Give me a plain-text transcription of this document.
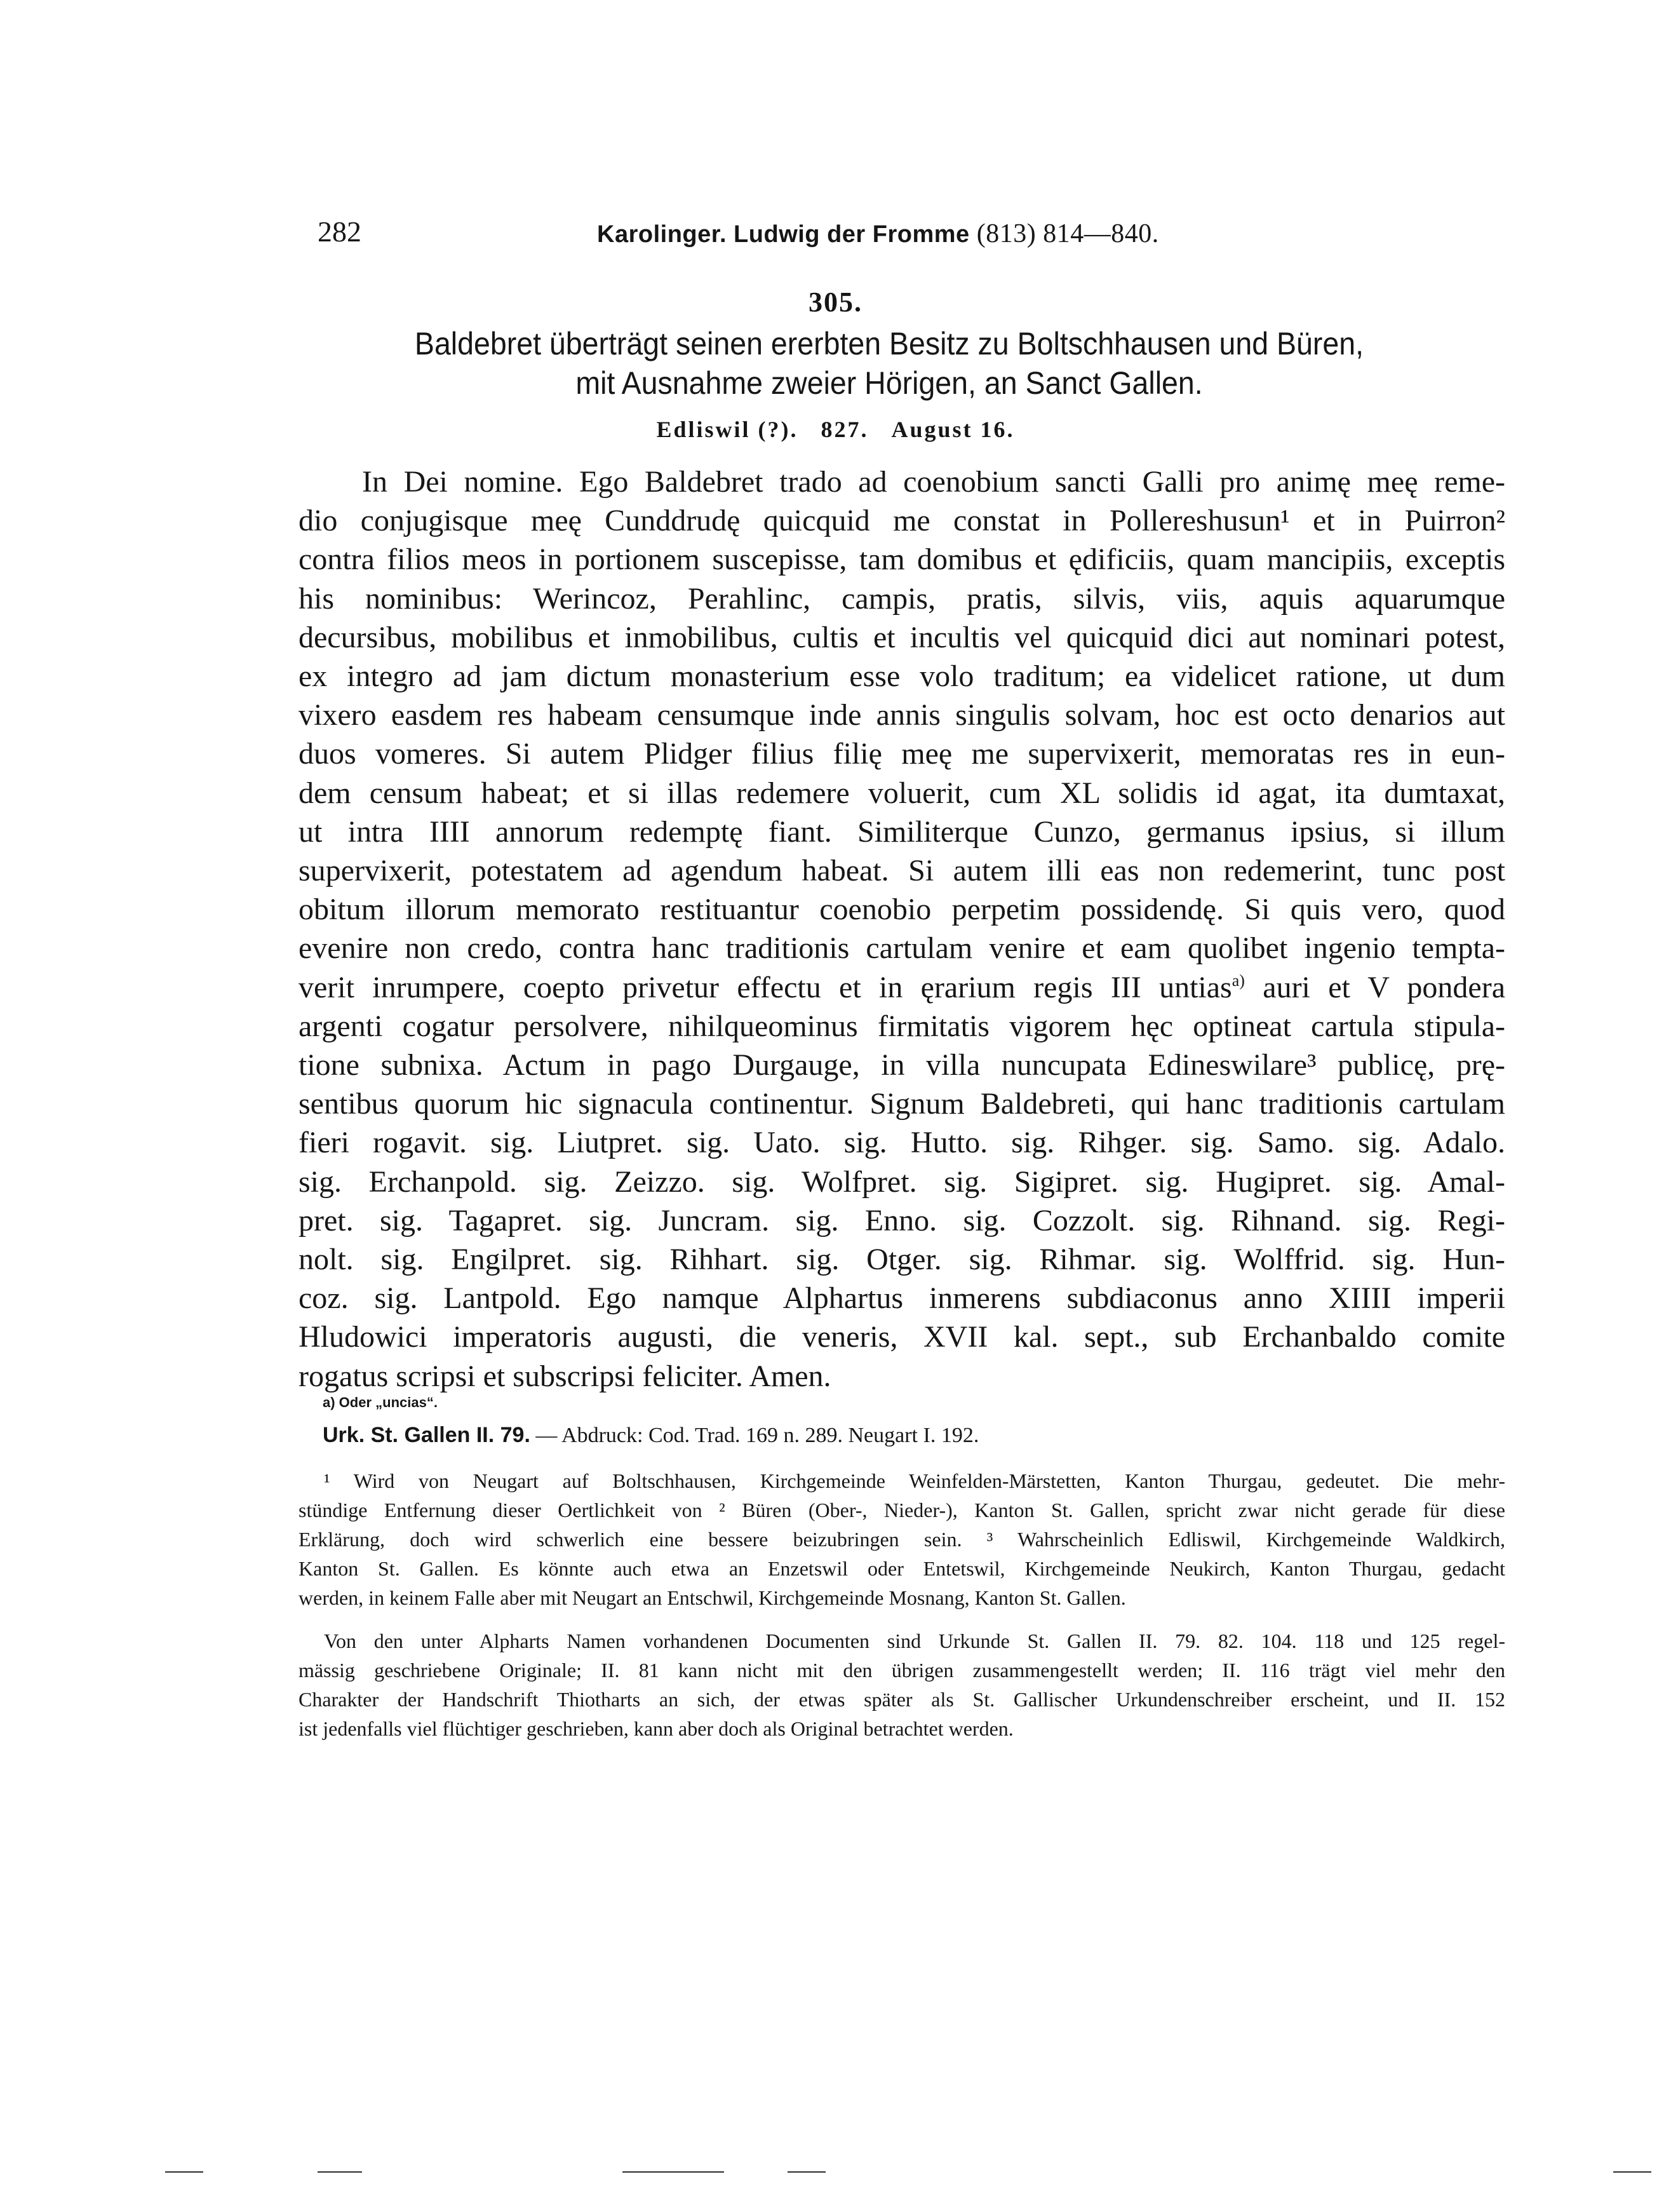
282	Karolinger. Ludwig der Fromme (813) 814—840.
305.
Baldebret überträgt seinen ererbten Besitz zu Boltschhausen und Büren,
mit Ausnahme zweier Hörigen, an Sanct Gallen.
Edliswil (?). 827. August 16.
In Dei nomine. Ego Baldebret trado ad coenobium sancti Galli pro animę meę reme-
dio conjugisque meę Cunddrudę quicquid me constat in Pollereshusun¹ et in Puirron²
contra filios meos in portionem suscepisse, tam domibus et ędificiis, quam mancipiis, exceptis
his nominibus: Werincoz, Perahlinc, campis, pratis, silvis, viis, aquis aquarumque
decursibus, mobilibus et inmobilibus, cultis et incultis vel quicquid dici aut nominari potest,
ex integro ad jam dictum monasterium esse volo traditum; ea videlicet ratione, ut dum
vixero easdem res habeam censumque inde annis singulis solvam, hoc est octo denarios aut
duos vomeres. Si autem Plidger filius filię meę me supervixerit, memoratas res in eun-
dem censum habeat; et si illas redemere voluerit, cum XL solidis id agat, ita dumtaxat,
ut intra IIII annorum redemptę fiant. Similiterque Cunzo, germanus ipsius, si illum
supervixerit, potestatem ad agendum habeat. Si autem illi eas non redemerint, tunc post
obitum illorum memorato restituantur coenobio perpetim possidendę. Si quis vero, quod
evenire non credo, contra hanc traditionis cartulam venire et eam quolibet ingenio tempta-
verit inrumpere, coepto privetur effectu et in ęrarium regis III untias$^{a)}$ auri et V pondera
argenti cogatur persolvere, nihilqueominus firmitatis vigorem hęc optineat cartula stipula-
tione subnixa. Actum in pago Durgauge, in villa nuncupata Edineswilare³ publicę, prę-
sentibus quorum hic signacula continentur. Signum Baldebreti, qui hanc traditionis cartulam
fieri rogavit. sig. Liutpret. sig. Uato. sig. Hutto. sig. Rihger. sig. Samo. sig. Adalo.
sig. Erchanpold. sig. Zeizzo. sig. Wolfpret. sig. Sigipret. sig. Hugipret. sig. Amal-
pret. sig. Tagapret. sig. Juncram. sig. Enno. sig. Cozzolt. sig. Rihnand. sig. Regi-
nolt. sig. Engilpret. sig. Rihhart. sig. Otger. sig. Rihmar. sig. Wolffrid. sig. Hun-
coz. sig. Lantpold. Ego namque Alphartus inmerens subdiaconus anno XIIII imperii
Hludowici imperatoris augusti, die veneris, XVII kal. sept., sub Erchanbaldo comite
rogatus scripsi et subscripsi feliciter. Amen.
a) Oder „uncias“.
Urk. St. Gallen II. 79. — Abdruck: Cod. Trad. 169 n. 289. Neugart I. 192.
¹ Wird von Neugart auf Boltschhausen, Kirchgemeinde Weinfelden-Märstetten, Kanton Thurgau, gedeutet. Die mehr-
stündige Entfernung dieser Oertlichkeit von ² Büren (Ober-, Nieder-), Kanton St. Gallen, spricht zwar nicht gerade für diese
Erklärung, doch wird schwerlich eine bessere beizubringen sein. ³ Wahrscheinlich Edliswil, Kirchgemeinde Waldkirch,
Kanton St. Gallen. Es könnte auch etwa an Enzetswil oder Entetswil, Kirchgemeinde Neukirch, Kanton Thurgau, gedacht
werden, in keinem Falle aber mit Neugart an Entschwil, Kirchgemeinde Mosnang, Kanton St. Gallen.
Von den unter Alpharts Namen vorhandenen Documenten sind Urkunde St. Gallen II. 79. 82. 104. 118 und 125 regel-
mässig geschriebene Originale; II. 81 kann nicht mit den übrigen zusammengestellt werden; II. 116 trägt viel mehr den
Charakter der Handschrift Thiotharts an sich, der etwas später als St. Gallischer Urkundenschreiber erscheint, und II. 152
ist jedenfalls viel flüchtiger geschrieben, kann aber doch als Original betrachtet werden.
